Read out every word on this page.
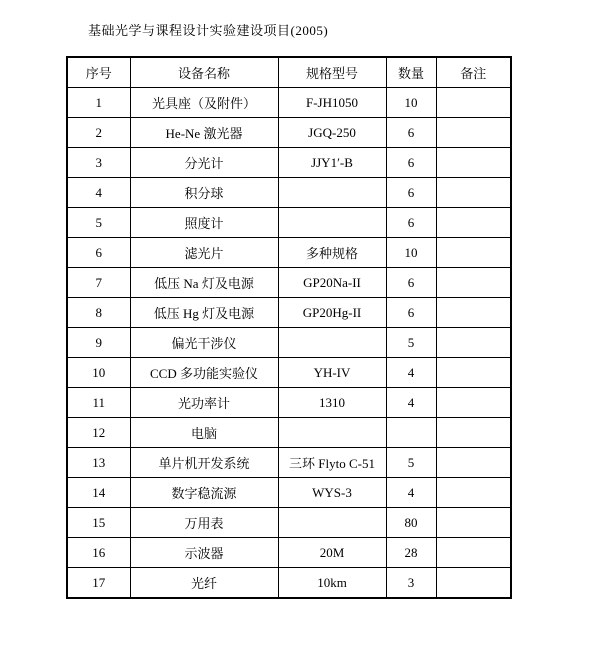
基础光学与课程设计实验建设项目(2005)
序号	设备名称	规格型号	数量	备注
1	光具座（及附件）	F-JH1050	10	
2	He-Ne 激光器	JGQ-250	6	
3	分光计	JJY1′-B	6	
4	积分球		6	
5	照度计		6	
6	滤光片	多种规格	10	
7	低压 Na 灯及电源	GP20Na-II	6	
8	低压 Hg 灯及电源	GP20Hg-II	6	
9	偏光干涉仪		5	
10	CCD 多功能实验仪	YH-IV	4	
11	光功率计	1310	4	
12	电脑			
13	单片机开发系统	三环 Flyto C-51	5	
14	数字稳流源	WYS-3	4	
15	万用表		80	
16	示波器	20M	28	
17	光纤	10km	3	
